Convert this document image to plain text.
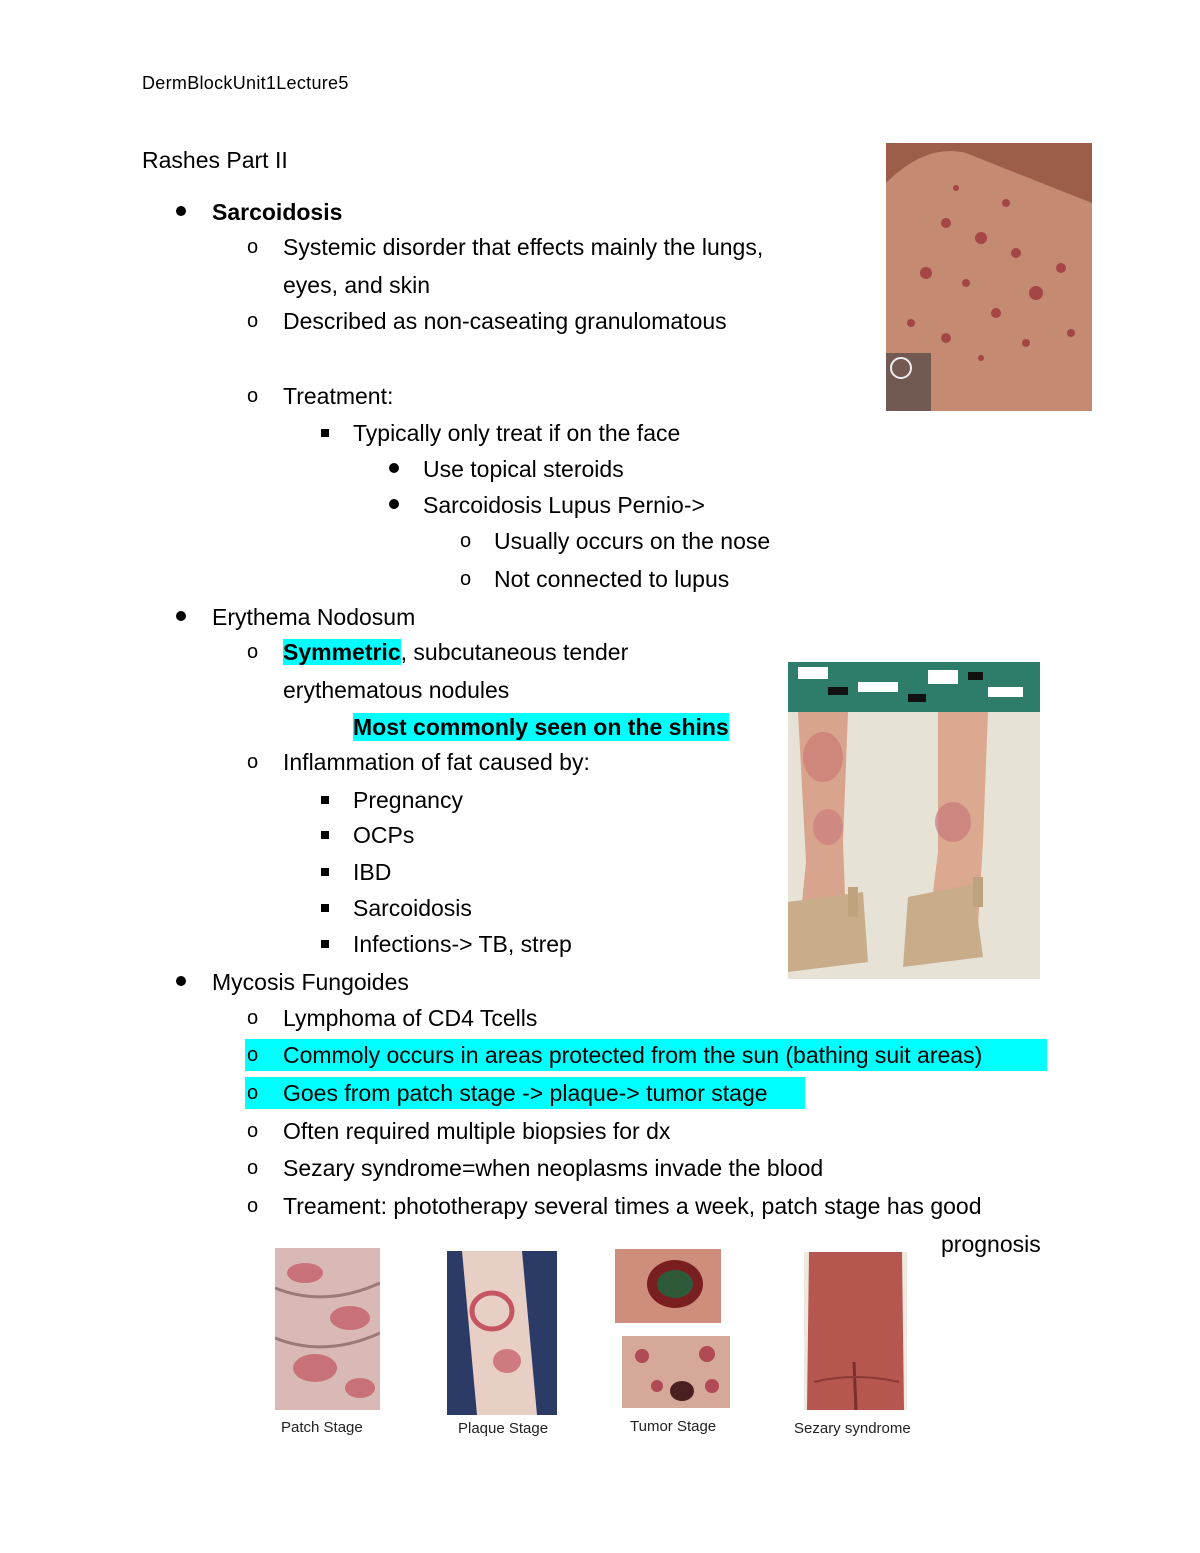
DermBlockUnit1Lecture5
Rashes Part II
Sarcoidosis
o Systemic disorder that effects mainly the lungs,
eyes, and skin
o Described as non-caseating granulomatous
o Treatment:
Typically only treat if on the face
Use topical steroids
Sarcoidosis Lupus Pernio->
o Usually occurs on the nose
o Not connected to lupus
Erythema Nodosum
o Symmetric, subcutaneous tender
erythematous nodules
Most commonly seen on the shins
o Inflammation of fat caused by:
Pregnancy
OCPs
IBD
Sarcoidosis
Infections-> TB, strep
Mycosis Fungoides
o Lymphoma of CD4 Tcells
o Commoly occurs in areas protected from the sun (bathing suit areas)
o Goes from patch stage -> plaque-> tumor stage
o Often required multiple biopsies for dx
o Sezary syndrome=when neoplasms invade the blood
o Treament: phototherapy several times a week, patch stage has good
prognosis
Patch Stage	Plaque Stage	Tumor Stage	Sezary syndrome
